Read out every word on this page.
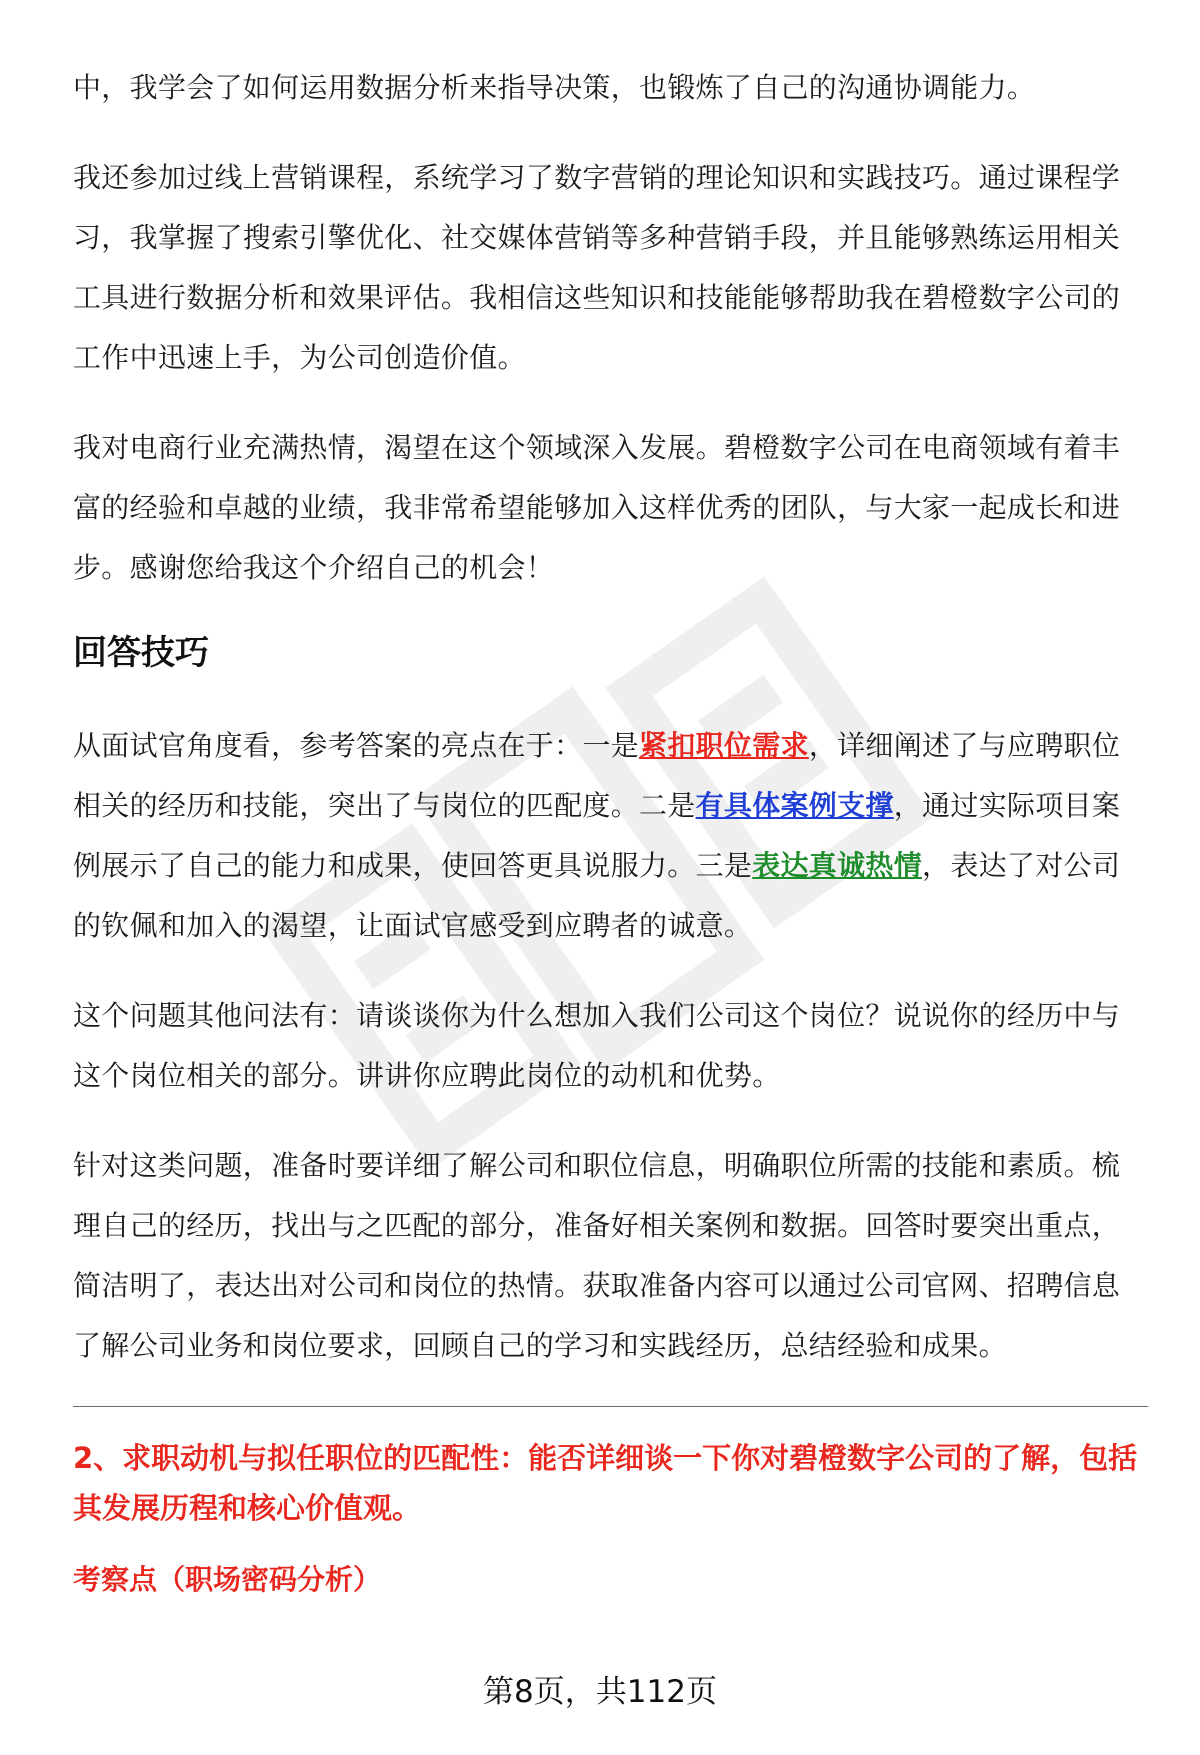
中，我学会了如何运用数据分析来指导决策，也锻炼了自己的沟通协调能力。

我还参加过线上营销课程，系统学习了数字营销的理论知识和实践技巧。通过课程学习，我掌握了搜索引擎优化、社交媒体营销等多种营销手段，并且能够熟练运用相关工具进行数据分析和效果评估。我相信这些知识和技能能够帮助我在碧橙数字公司的工作中迅速上手，为公司创造价值。

我对电商行业充满热情，渴望在这个领域深入发展。碧橙数字公司在电商领域有着丰富的经验和卓越的业绩，我非常希望能够加入这样优秀的团队，与大家一起成长和进步。感谢您给我这个介绍自己的机会！

回答技巧

从面试官角度看，参考答案的亮点在于：一是紧扣职位需求，详细阐述了与应聘职位相关的经历和技能，突出了与岗位的匹配度。二是有具体案例支撑，通过实际项目案例展示了自己的能力和成果，使回答更具说服力。三是表达真诚热情，表达了对公司的钦佩和加入的渴望，让面试官感受到应聘者的诚意。

这个问题其他问法有：请谈谈你为什么想加入我们公司这个岗位？说说你的经历中与这个岗位相关的部分。讲讲你应聘此岗位的动机和优势。

针对这类问题，准备时要详细了解公司和职位信息，明确职位所需的技能和素质。梳理自己的经历，找出与之匹配的部分，准备好相关案例和数据。回答时要突出重点，简洁明了，表达出对公司和岗位的热情。获取准备内容可以通过公司官网、招聘信息了解公司业务和岗位要求，回顾自己的学习和实践经历，总结经验和成果。

2、求职动机与拟任职位的匹配性：能否详细谈一下你对碧橙数字公司的了解，包括其发展历程和核心价值观。

考察点（职场密码分析）

第8页，共112页
